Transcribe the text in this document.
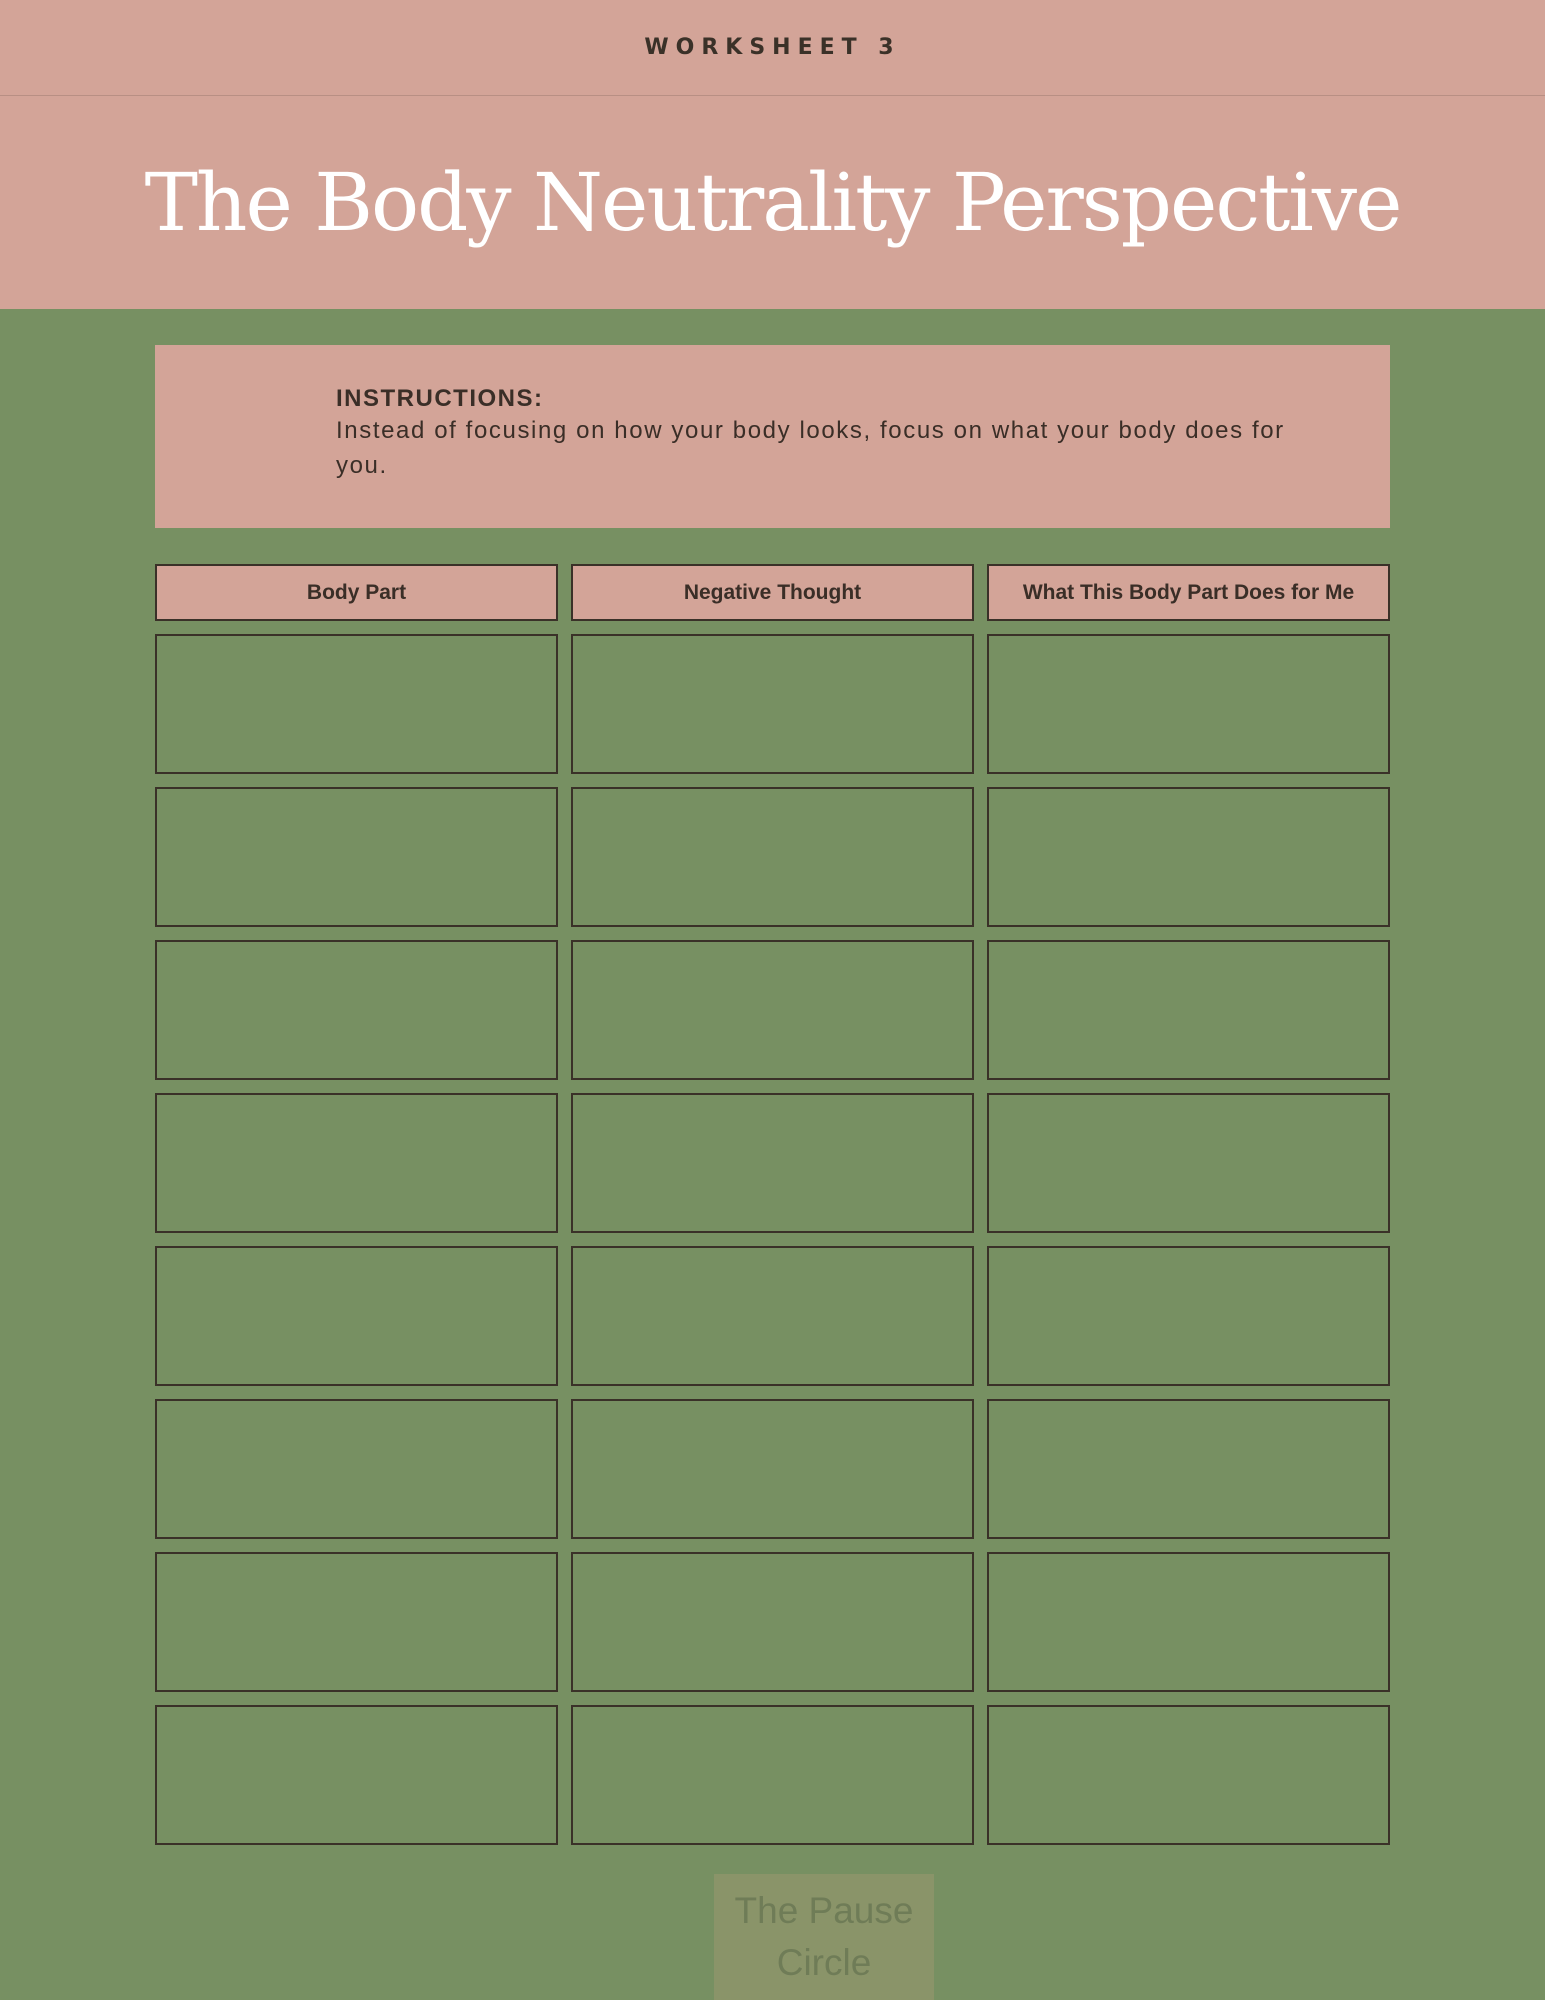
WORKSHEET 3
The Body Neutrality Perspective
INSTRUCTIONS:
Instead of focusing on how your body looks, focus on what your body does for you.
Body Part	Negative Thought	What This Body Part Does for Me
The Pause Circle
